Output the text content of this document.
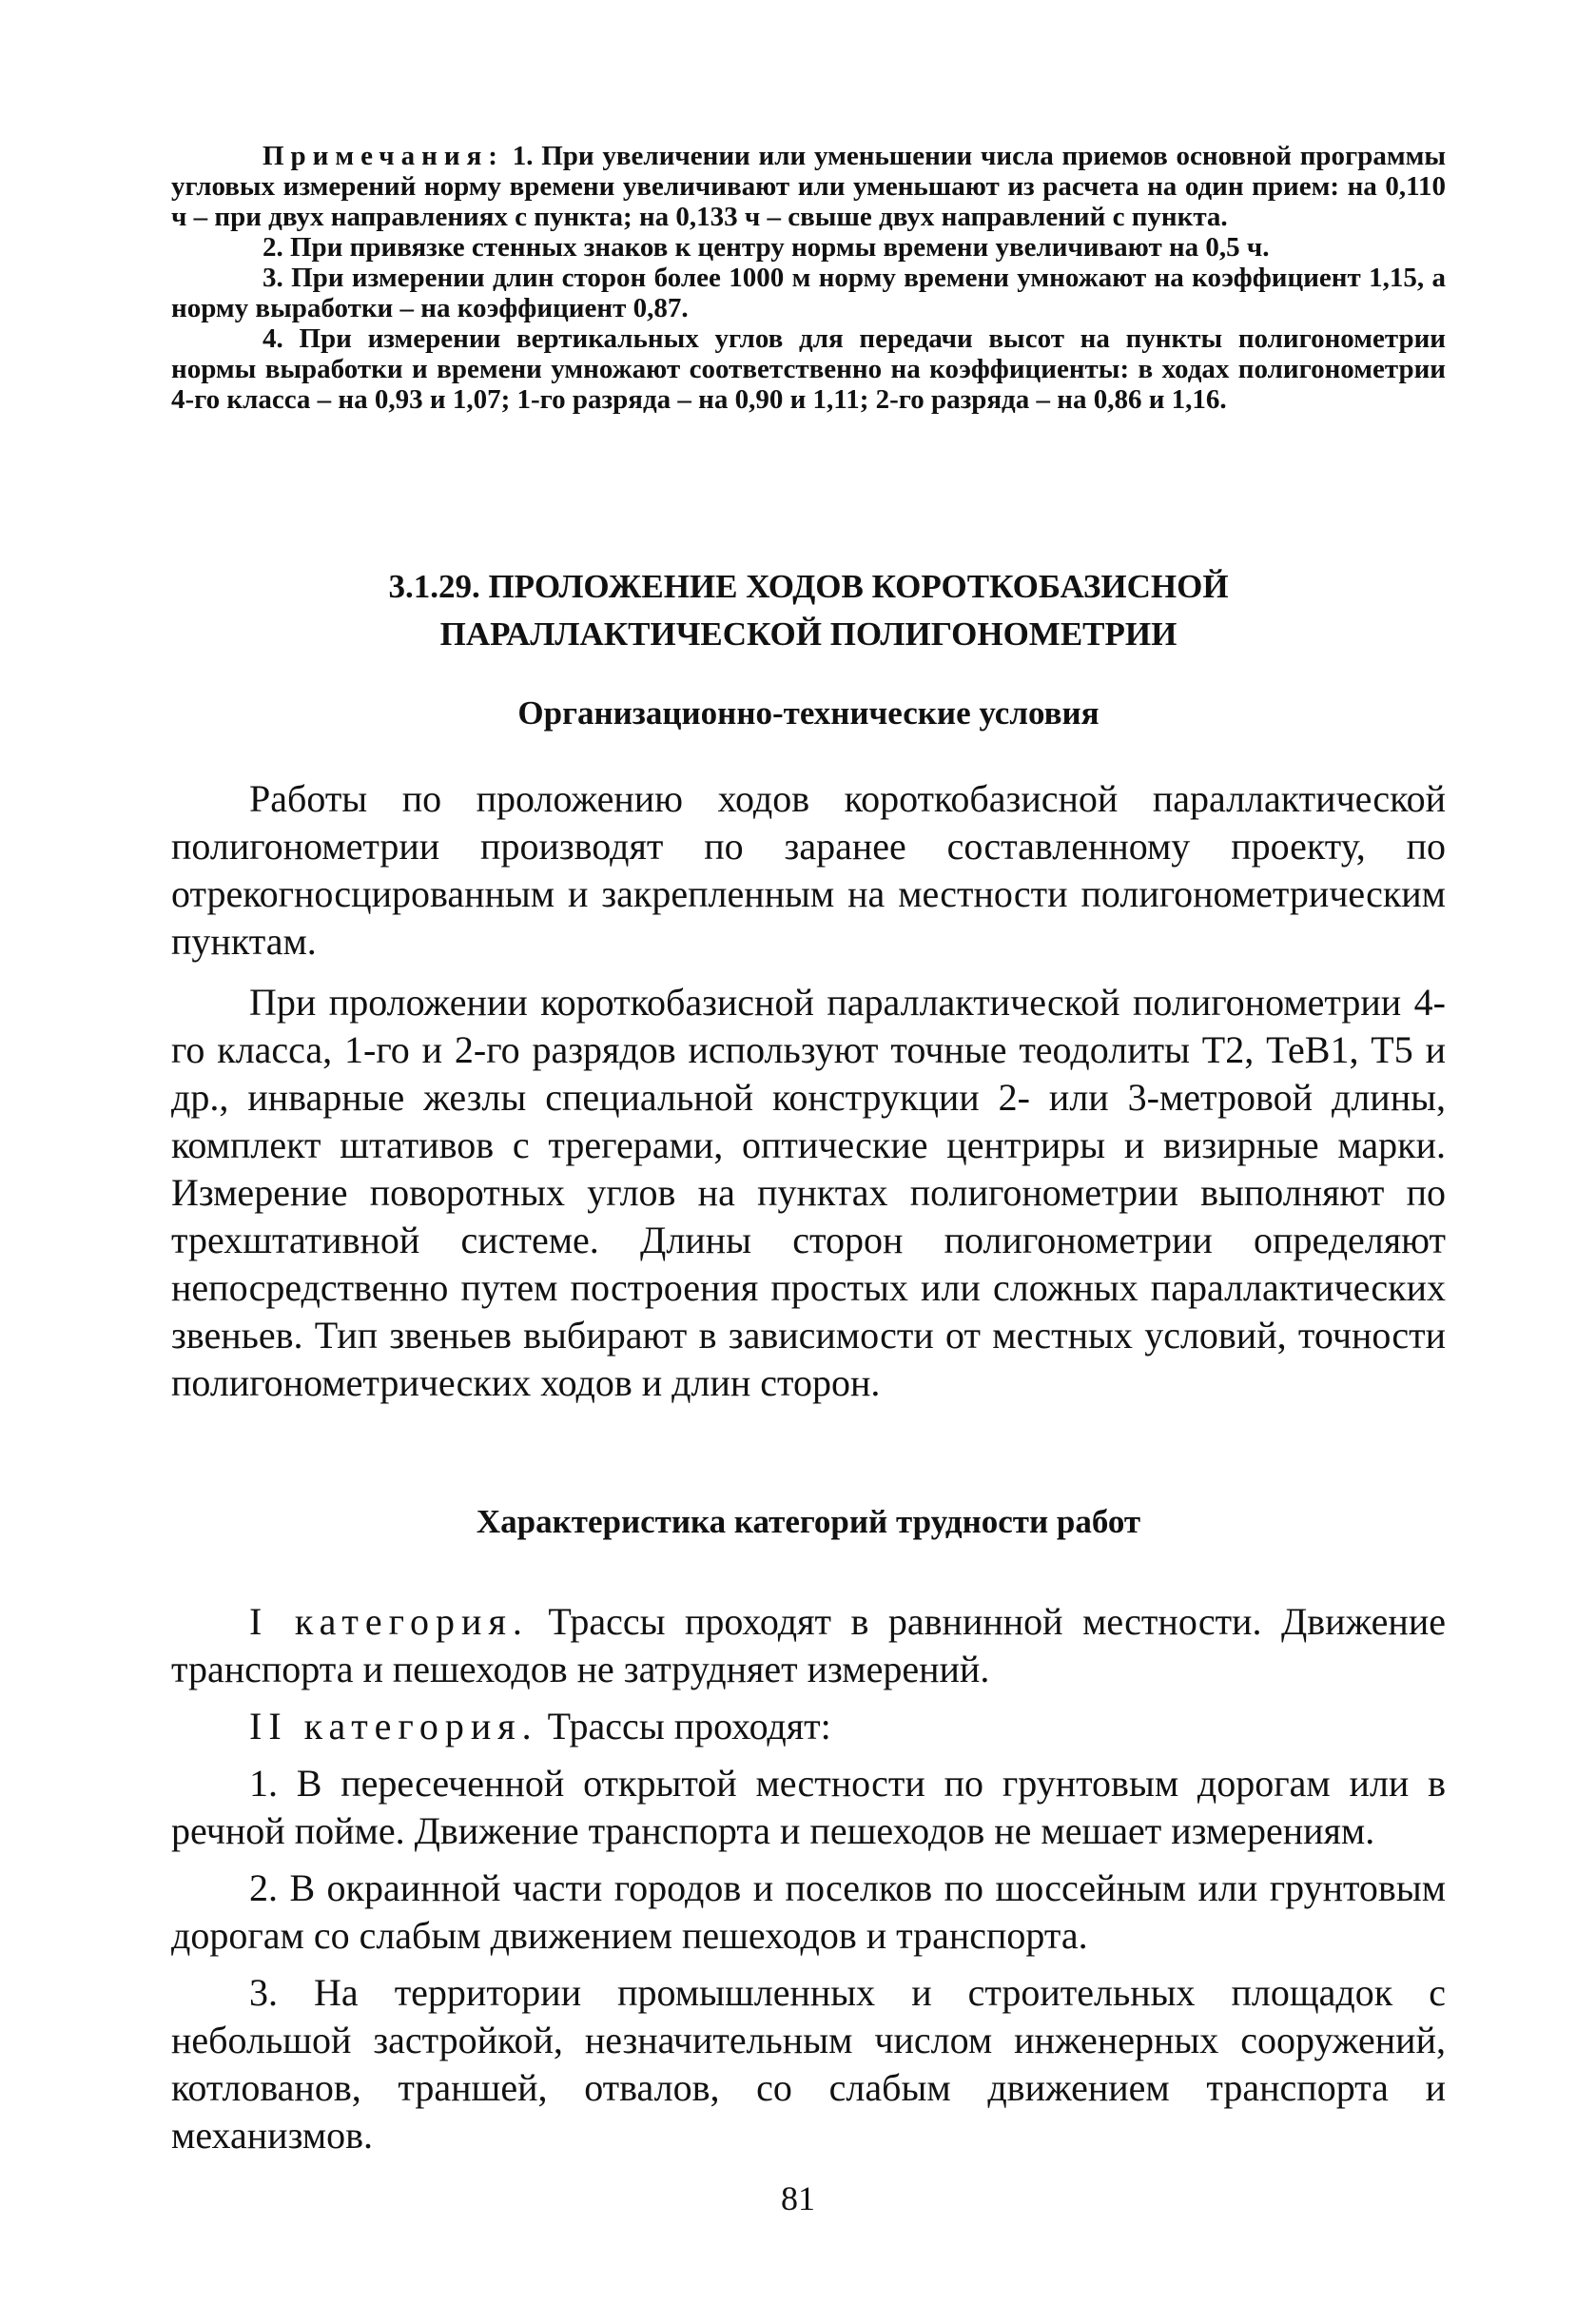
Примечания: 1. При увеличении или уменьшении числа приемов основной программы угловых измерений норму времени увеличивают или уменьшают из расчета на один прием: на 0,110 ч – при двух направлениях с пункта; на 0,133 ч – свыше двух направлений с пункта.

2. При привязке стенных знаков к центру нормы времени увеличивают на 0,5 ч.

3. При измерении длин сторон более 1000 м норму времени умножают на коэффициент 1,15, а норму выработки – на коэффициент 0,87.

4. При измерении вертикальных углов для передачи высот на пункты полигонометрии нормы выработки и времени умножают соответственно на коэффициенты: в ходах полигонометрии 4-го класса – на 0,93 и 1,07; 1-го разряда – на 0,90 и 1,11; 2-го разряда – на 0,86 и 1,16.

3.1.29. ПРОЛОЖЕНИЕ ХОДОВ КОРОТКОБАЗИСНОЙ
ПАРАЛЛАКТИЧЕСКОЙ ПОЛИГОНОМЕТРИИ
Организационно-технические условия

Работы по проложению ходов короткобазисной параллактической полигонометрии производят по заранее составленному проекту, по отрекогносцированным и закрепленным на местности полигонометрическим пунктам.

При проложении короткобазисной параллактической полигонометрии 4-го класса, 1-го и 2-го разрядов используют точные теодолиты Т2, ТеВ1, Т5 и др., инварные жезлы специальной конструкции 2- или 3-метровой длины, комплект штативов с трегерами, оптические центриры и визирные марки. Измерение поворотных углов на пунктах полигонометрии выполняют по трехштативной системе. Длины сторон полигонометрии определяют непосредственно путем построения простых или сложных параллактических звеньев. Тип звеньев выбирают в зависимости от местных условий, точности полигонометрических ходов и длин сторон.

Характеристика категорий трудности работ

I категория. Трассы проходят в равнинной местности. Движение транспорта и пешеходов не затрудняет измерений.

II категория. Трассы проходят:

1. В пересеченной открытой местности по грунтовым дорогам или в речной пойме. Движение транспорта и пешеходов не мешает измерениям.

2. В окраинной части городов и поселков по шоссейным или грунтовым дорогам со слабым движением пешеходов и транспорта.

3. На территории промышленных и строительных площадок с небольшой застройкой, незначительным числом инженерных сооружений, котлованов, траншей, отвалов, со слабым движением транспорта и механизмов.

81
